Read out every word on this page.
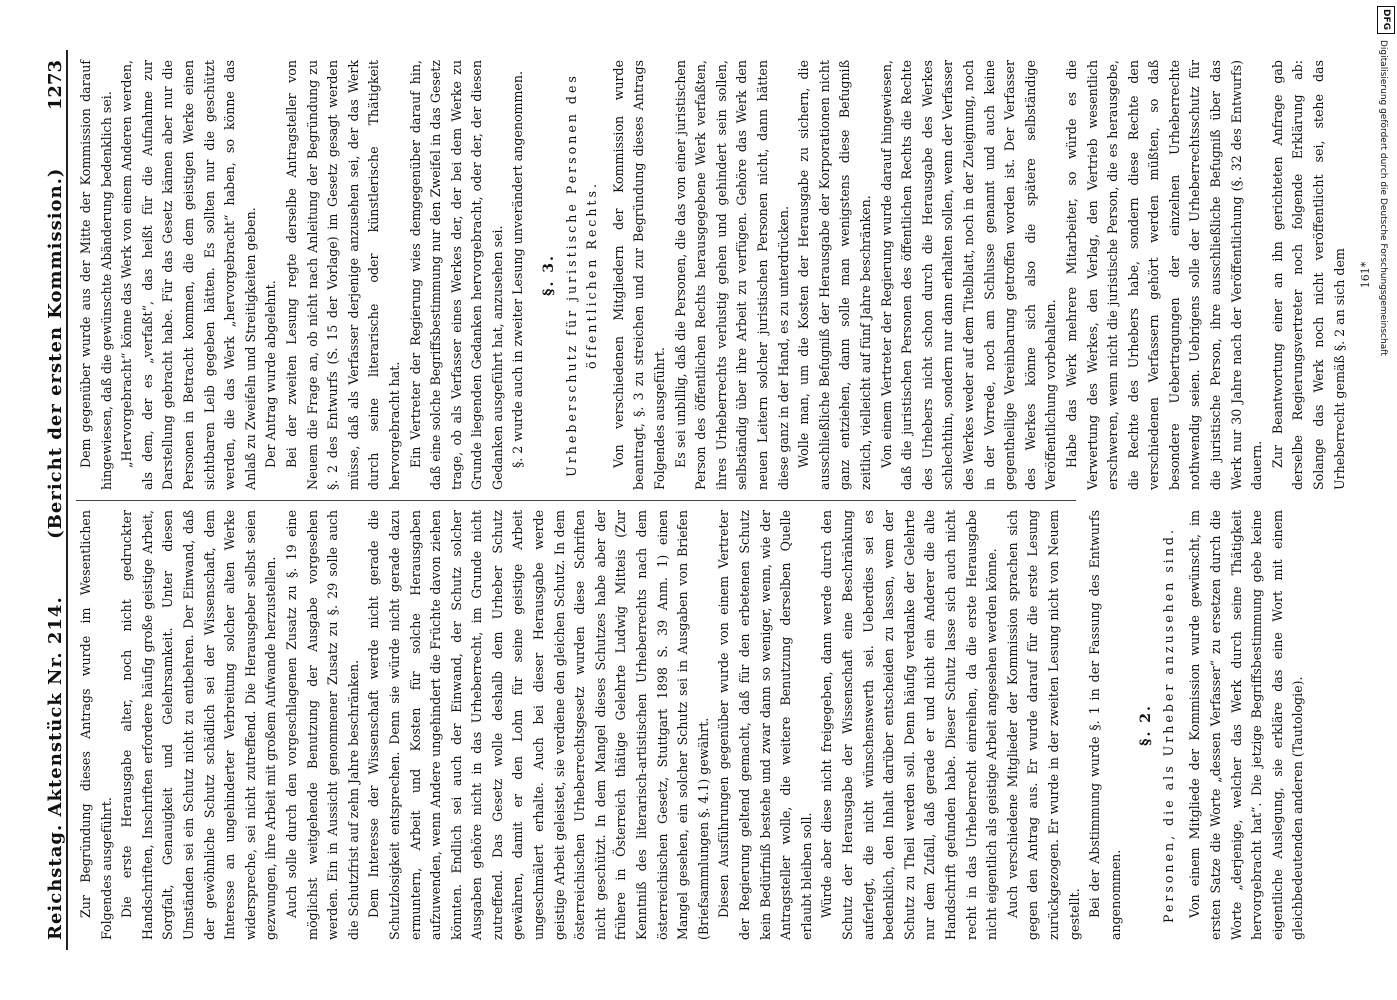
Reichstag. Aktenstück Nr. 214.
(Bericht der ersten Kommission.)
1273

Zur Begründung dieses Antrags wurde im Wesentlichen Folgendes ausgeführt. Die erste Herausgabe alter, noch nicht gedruckter Handschriften, Inschriften erfordere häufig große geistige Arbeit, Sorgfalt, Genauigkeit und Gelehrsamkeit. Unter diesen Umständen sei ein Schutz nicht zu entbehren. Der Einwand, daß der gewöhnliche Schutz schädlich sei der Wissenschaft, dem Interesse an ungehinderter Verbreitung solcher alten Werke widerspreche, sei nicht zutreffend. Die Herausgeber selbst seien gezwungen, ihre Arbeit mit großem Aufwande herzustellen. Auch solle durch den vorgeschlagenen Zusatz zu §. 19 eine möglichst weitgehende Benutzung der Ausgabe vorgesehen werden. Ein in Aussicht genommener Zusatz zu §. 29 solle auch die Schutzfrist auf zehn Jahre beschränken. Dem Interesse der Wissenschaft werde nicht gerade die Schutzlosigkeit entsprechen. Denn sie würde nicht gerade dazu ermuntern, Arbeit und Kosten für solche Herausgaben aufzuwenden, wenn Andere ungehindert die Früchte davon ziehen könnten. Endlich sei auch der Einwand, der Schutz solcher Ausgaben gehöre nicht in das Urheberrecht, im Grunde nicht zutreffend. Das Gesetz wolle deshalb dem Urheber Schutz gewähren, damit er den Lohn für seine geistige Arbeit ungeschmälert erhalte. Auch bei dieser Herausgabe werde geistige Arbeit geleistet, sie verdiene den gleichen Schutz. In dem österreichischen Urheberrechtsgesetz wurden diese Schriften nicht geschützt. In dem Mangel dieses Schutzes habe aber der frühere in Österreich thätige Gelehrte Ludwig Mitteis (Zur Kenntniß des literarisch-artistischen Urheberrechts nach dem österreichischen Gesetz, Stuttgart 1898 S. 39 Anm. 1) einen Mangel gesehen, ein solcher Schutz sei in Ausgaben von Briefen (Briefsammlungen §. 4.1) gewährt. Diesen Ausführungen gegenüber wurde von einem Vertreter der Regierung geltend gemacht, daß für den erbetenen Schutz kein Bedürfniß bestehe und zwar dann so weniger, wenn, wie der Antragsteller wolle, die weitere Benutzung derselben Quelle erlaubt bleiben soll. Würde aber diese nicht freigegeben, dann werde durch den Schutz der Herausgabe der Wissenschaft eine Beschränkung auferlegt, die nicht wünschenswerth sei. Ueberdies sei es bedenklich, den Inhalt darüber entscheiden zu lassen, wem der Schutz zu Theil werden soll. Denn häufig verdanke der Gelehrte nur dem Zufall, daß gerade er und nicht ein Anderer die alte Handschrift gefunden habe. Dieser Schutz lasse sich auch nicht recht in das Urheberrecht einreihen, da die erste Herausgabe nicht eigentlich als geistige Arbeit angesehen werden könne. Auch verschiedene Mitglieder der Kommission sprachen sich gegen den Antrag aus. Er wurde darauf für die erste Lesung zurückgezogen. Er wurde in der zweiten Lesung nicht von Neuem gestellt. Bei der Abstimmung wurde §. 1 in der Fassung des Entwurfs angenommen.

§. 2. Personen, die als Urheber anzusehen sind. Von einem Mitgliede der Kommission wurde gewünscht, im ersten Satze die Worte „dessen Verfasser“ zu ersetzen durch die Worte „derjenige, welcher das Werk durch seine Thätigkeit hervorgebracht hat“. Die jetzige Begriffsbestimmung gebe keine eigentliche Auslegung, sie erkläre das eine Wort mit einem gleichbedeutenden anderen (Tautologie).

Dem gegenüber wurde aus der Mitte der Kommission darauf hingewiesen, daß die gewünschte Abänderung bedenklich sei. „Hervorgebracht“ könne das Werk von einem Anderen werden, als dem, der es „verfaßt“, das heißt für die Aufnahme zur Darstellung gebracht habe. Für das Gesetz kämen aber nur die Personen in Betracht kommen, die dem geistigen Werke einen sichtbaren Leib gegeben hätten. Es sollten nur die geschützt werden, die das Werk „hervorgebracht“ haben, so könne das Anlaß zu Zweifeln und Streitigkeiten geben. Der Antrag wurde abgelehnt. Bei der zweiten Lesung regte derselbe Antragsteller von Neuem die Frage an, ob nicht nach Anleitung der Begründung zu §. 2 des Entwurfs (S. 15 der Vorlage) im Gesetz gesagt werden müsse, daß als Verfasser derjenige anzusehen sei, der das Werk durch seine literarische oder künstlerische Thätigkeit hervorgebracht hat. Ein Vertreter der Regierung wies demgegenüber darauf hin, daß eine solche Begriffsbestimmung nur den Zweifel in das Gesetz trage, ob als Verfasser eines Werkes der, der bei dem Werke zu Grunde liegenden Gedanken hervorgebracht, oder der, der diesen Gedanken ausgeführt hat, anzusehen sei. §. 2 wurde auch in zweiter Lesung unverändert angenommen. §. 3. Urheberschutz für juristische Personen des öffentlichen Rechts. Von verschiedenen Mitgliedern der Kommission wurde beantragt, §. 3 zu streichen und zur Begründung dieses Antrags Folgendes ausgeführt. Es sei unbillig, daß die Personen, die das von einer juristischen Person des öffentlichen Rechts herausgegebene Werk verfaßten, ihres Urheberrechts verlustig gehen und gehindert sein sollen, selbständig über ihre Arbeit zu verfügen. Gehöre das Werk den neuen Leitern solcher juristischen Personen nicht, dann hätten diese ganz in der Hand, es zu unterdrücken. Wolle man, um die Kosten der Herausgabe zu sichern, die ausschließliche Befugniß der Herausgabe der Korporationen nicht ganz entziehen, dann solle man wenigstens diese Befugniß zeitlich, vielleicht auf fünf Jahre beschränken. Von einem Vertreter der Regierung wurde darauf hingewiesen, daß die juristischen Personen des öffentlichen Rechts die Rechte des Urhebers nicht schon durch die Herausgabe des Werkes schlechthin, sondern nur dann erhalten sollen, wenn der Verfasser des Werkes weder auf dem Titelblatt, noch in der Zueignung, noch in der Vorrede, noch am Schlusse genannt und auch keine gegentheilige Vereinbarung getroffen worden ist. Der Verfasser des Werkes könne sich also die spätere selbständige Veröffentlichung vorbehalten. Habe das Werk mehrere Mitarbeiter, so würde es die Verwertung des Werkes, den Verlag, den Vertrieb wesentlich erschweren, wenn nicht die juristische Person, die es herausgebe, die Rechte des Urhebers habe, sondern diese Rechte den verschiedenen Verfassern gehört werden müßten, so daß besondere Uebertragungen der einzelnen Urheberrechte nothwendig seien. Uebrigens solle der Urheberrechtsschutz für die juristische Person, ihre ausschließliche Befugniß über das Werk nur 30 Jahre nach der Veröffentlichung (§. 32 des Entwurfs) dauern. Zur Beantwortung einer an ihn gerichteten Anfrage gab derselbe Regierungsvertreter noch folgende Erklärung ab: Solange das Werk noch nicht veröffentlicht sei, stehe das Urheberrecht gemäß §. 2 an sich dem	161*
DFG
Digitalisierung gefördert durch die Deutsche Forschungsgemeinschaft
